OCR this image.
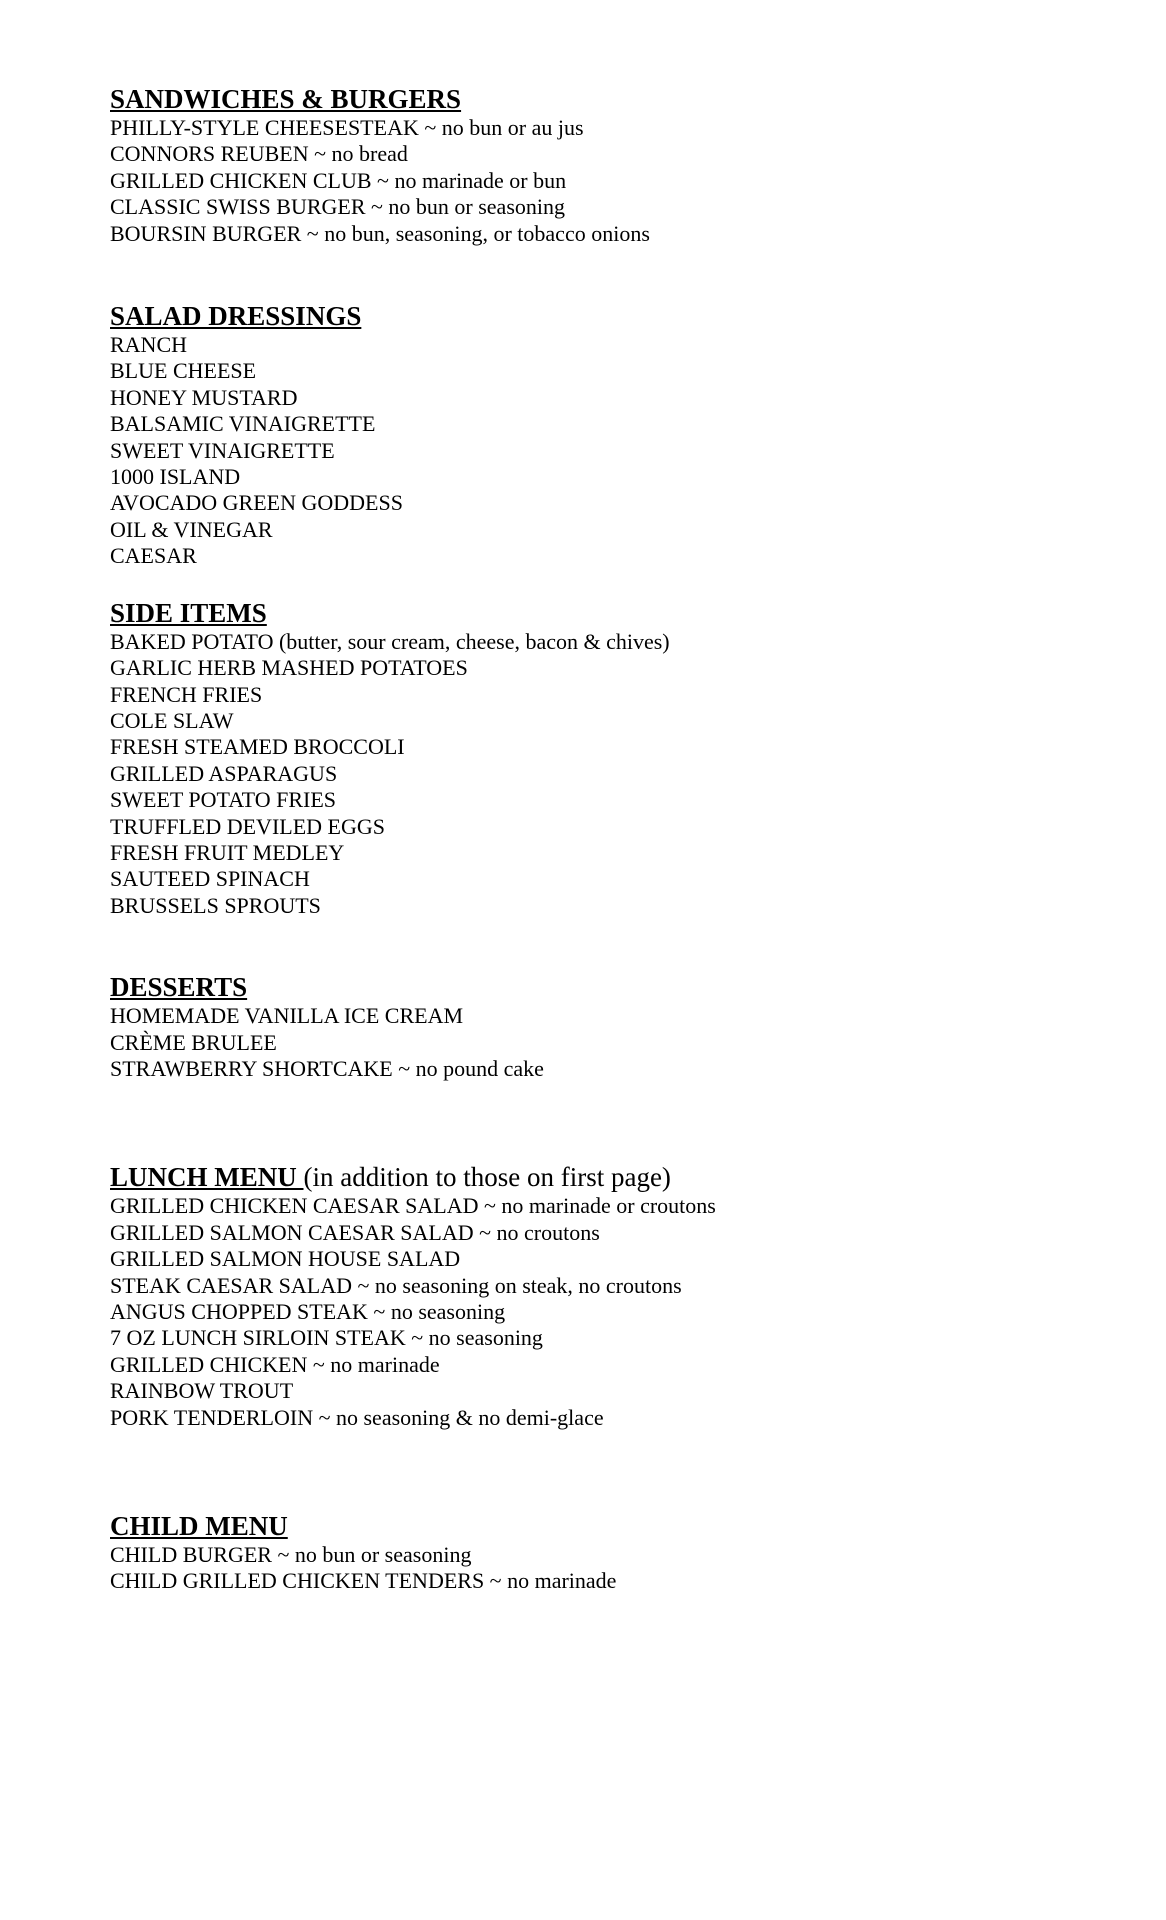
SANDWICHES & BURGERS
PHILLY-STYLE CHEESESTEAK ~ no bun or au jus
CONNORS REUBEN ~ no bread
GRILLED CHICKEN CLUB ~ no marinade or bun
CLASSIC SWISS BURGER ~ no bun or seasoning
BOURSIN BURGER ~ no bun, seasoning, or tobacco onions
SALAD DRESSINGS
RANCH
BLUE CHEESE
HONEY MUSTARD
BALSAMIC VINAIGRETTE
SWEET VINAIGRETTE
1000 ISLAND
AVOCADO GREEN GODDESS
OIL & VINEGAR
CAESAR
SIDE ITEMS
BAKED POTATO (butter, sour cream, cheese, bacon & chives)
GARLIC HERB MASHED POTATOES
FRENCH FRIES
COLE SLAW
FRESH STEAMED BROCCOLI
GRILLED ASPARAGUS
SWEET POTATO FRIES
TRUFFLED DEVILED EGGS
FRESH FRUIT MEDLEY
SAUTEED SPINACH
BRUSSELS SPROUTS
DESSERTS
HOMEMADE VANILLA ICE CREAM
CRÈME BRULEE
STRAWBERRY SHORTCAKE ~ no pound cake
LUNCH MENU (in addition to those on first page)
GRILLED CHICKEN CAESAR SALAD ~ no marinade or croutons
GRILLED SALMON CAESAR SALAD ~ no croutons
GRILLED SALMON HOUSE SALAD
STEAK CAESAR SALAD ~ no seasoning on steak, no croutons
ANGUS CHOPPED STEAK ~ no seasoning
7 OZ LUNCH SIRLOIN STEAK ~ no seasoning
GRILLED CHICKEN ~ no marinade
RAINBOW TROUT
PORK TENDERLOIN ~ no seasoning & no demi-glace
CHILD MENU
CHILD BURGER ~ no bun or seasoning
CHILD GRILLED CHICKEN TENDERS ~ no marinade
